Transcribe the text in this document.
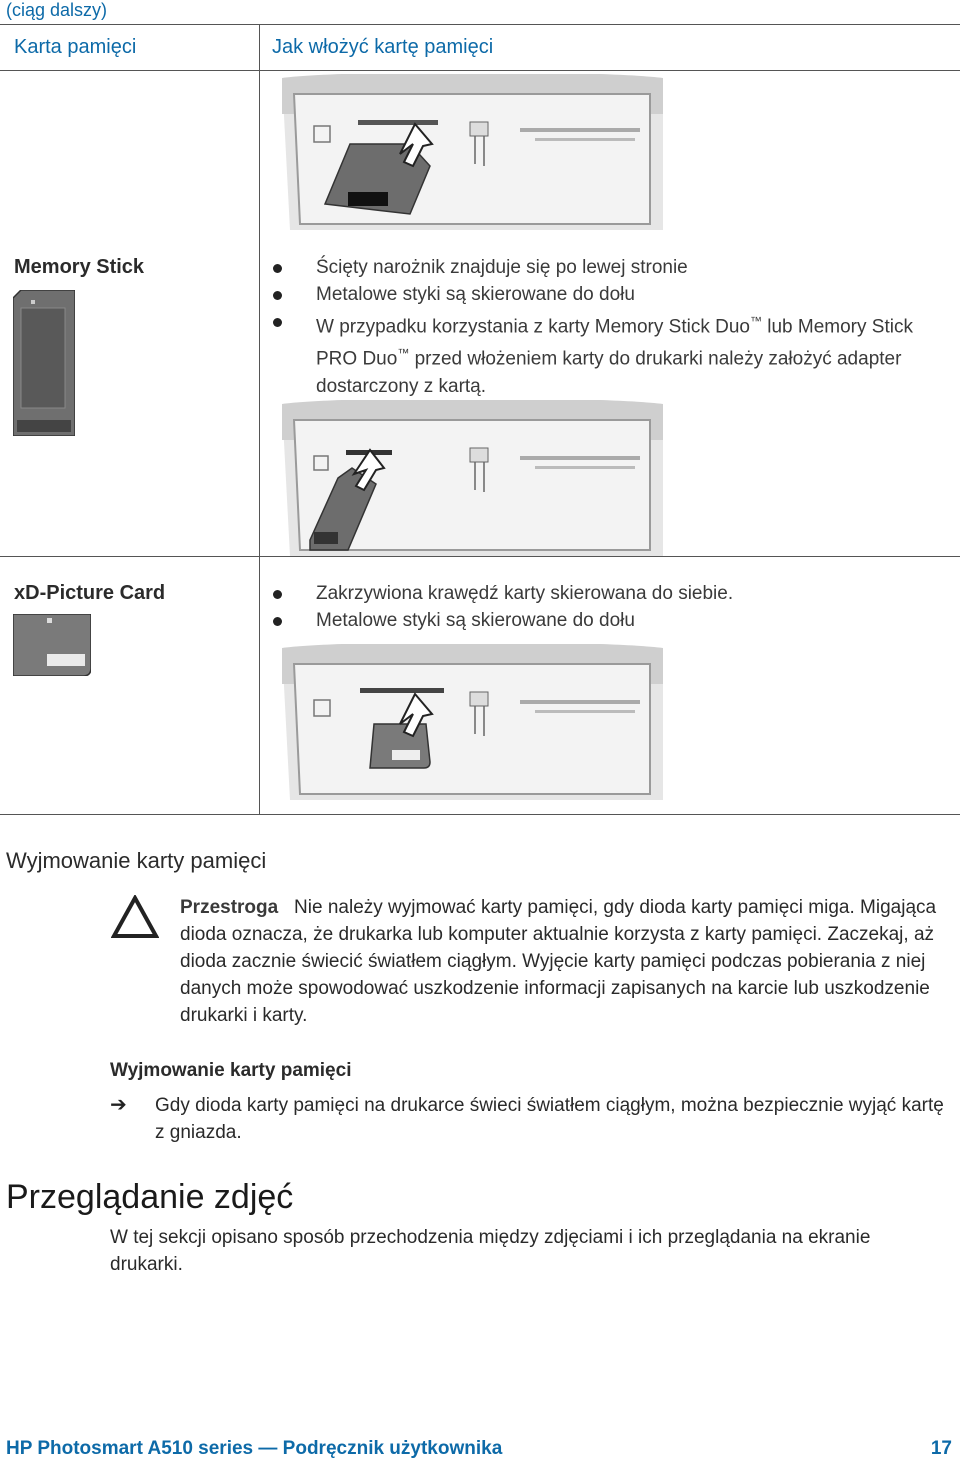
(ciąg dalszy)
Karta pamięci	Jak włożyć kartę pamięci
Memory Stick	Ścięty narożnik znajduje się po lewej stronie
Metalowe styki są skierowane do dołu
W przypadku korzystania z karty Memory Stick Duo™ lub Memory Stick PRO Duo™ przed włożeniem karty do drukarki należy założyć adapter dostarczony z kartą.
xD-Picture Card	Zakrzywiona krawędź karty skierowana do siebie.
Metalowe styki są skierowane do dołu
Wyjmowanie karty pamięci
Przestroga Nie należy wyjmować karty pamięci, gdy dioda karty pamięci miga. Migająca dioda oznacza, że drukarka lub komputer aktualnie korzysta z karty pamięci. Zaczekaj, aż dioda zacznie świecić światłem ciągłym. Wyjęcie karty pamięci podczas pobierania z niej danych może spowodować uszkodzenie informacji zapisanych na karcie lub uszkodzenie drukarki i karty.
Wyjmowanie karty pamięci
➔ Gdy dioda karty pamięci na drukarce świeci światłem ciągłym, można bezpiecznie wyjąć kartę z gniazda.
Przeglądanie zdjęć
W tej sekcji opisano sposób przechodzenia między zdjęciami i ich przeglądania na ekranie drukarki.
HP Photosmart A510 series — Podręcznik użytkownika	17
